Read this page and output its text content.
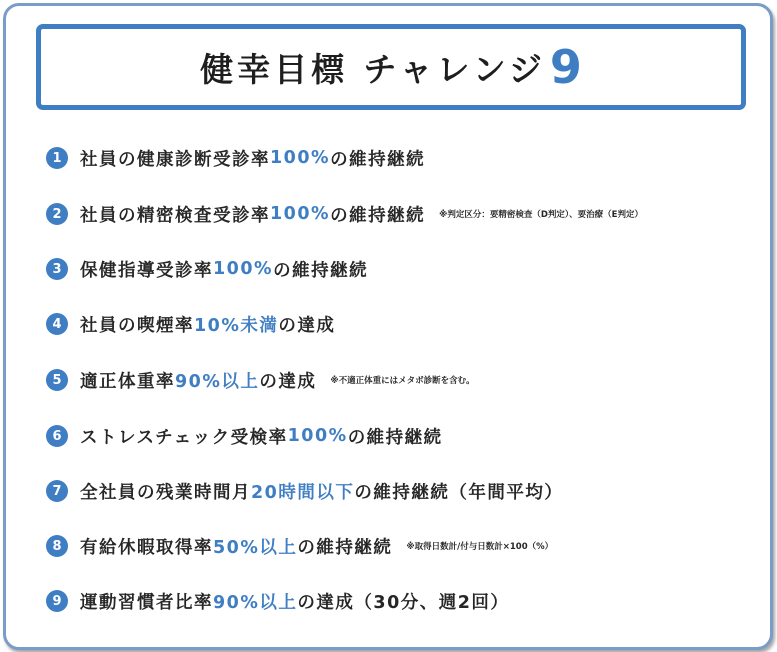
健幸目標 チャレンジ 9
1	社員の健康診断受診率 100% の維持継続
2	社員の精密検査受診率 100% の維持継続 ※判定区分：要精密検査（D判定）、要治療（E判定）
3	保健指導受診率 100% の維持継続
4	社員の喫煙率 10%未満 の達成
5	適正体重率 90%以上 の達成 ※不適正体重にはメタボ診断を含む。
6	ストレスチェック受検率 100% の維持継続
7	全社員の残業時間月 20時間以下 の維持継続（年間平均）
8	有給休暇取得率 50%以上 の維持継続 ※取得日数計/付与日数計×100（%）
9	運動習慣者比率 90%以上 の達成（30分、週2回）
